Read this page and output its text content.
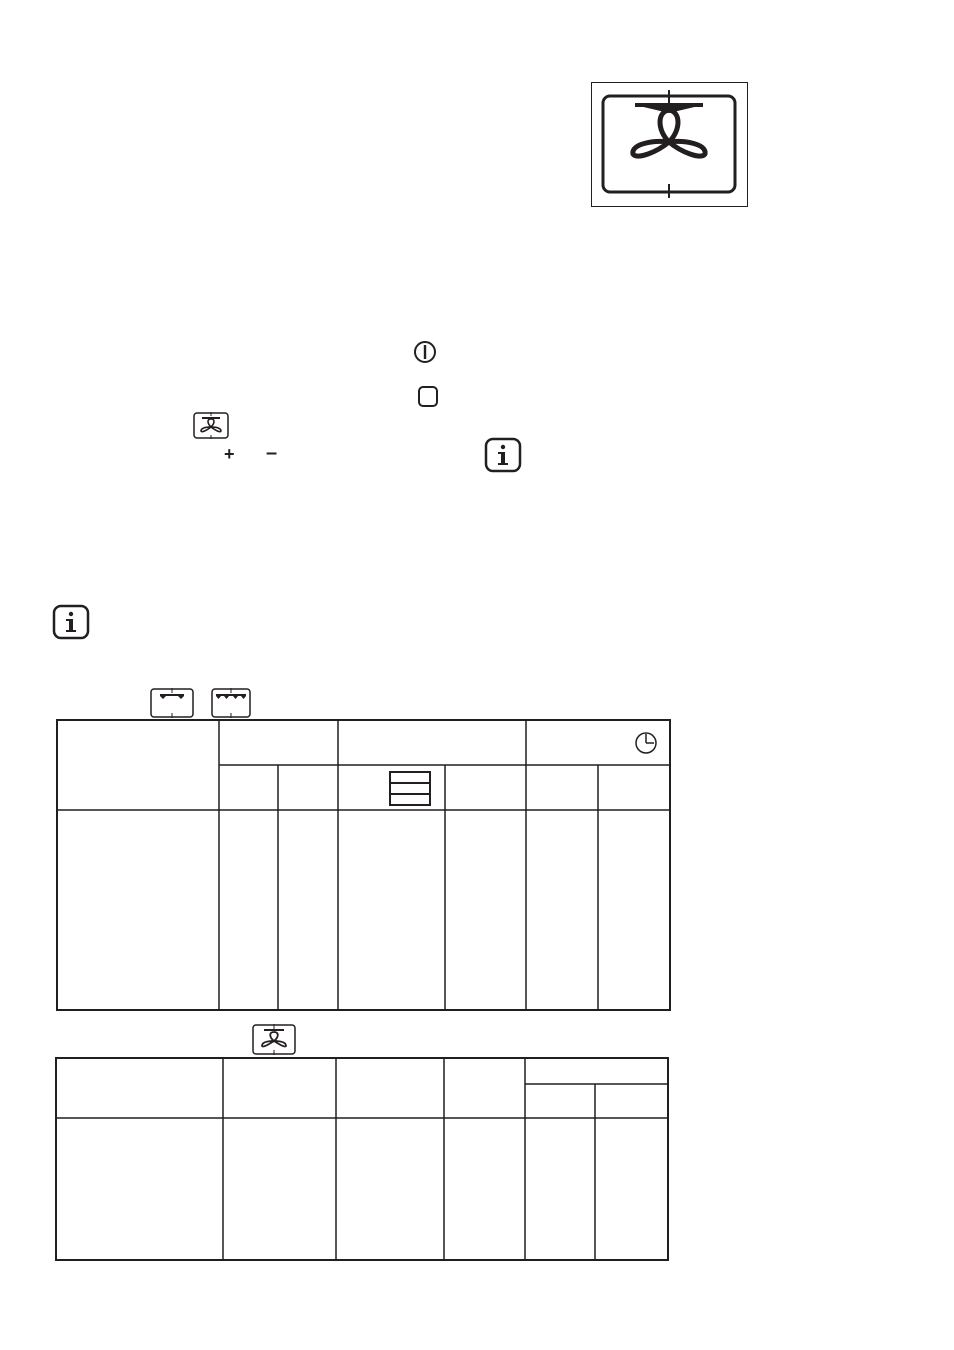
+ –
